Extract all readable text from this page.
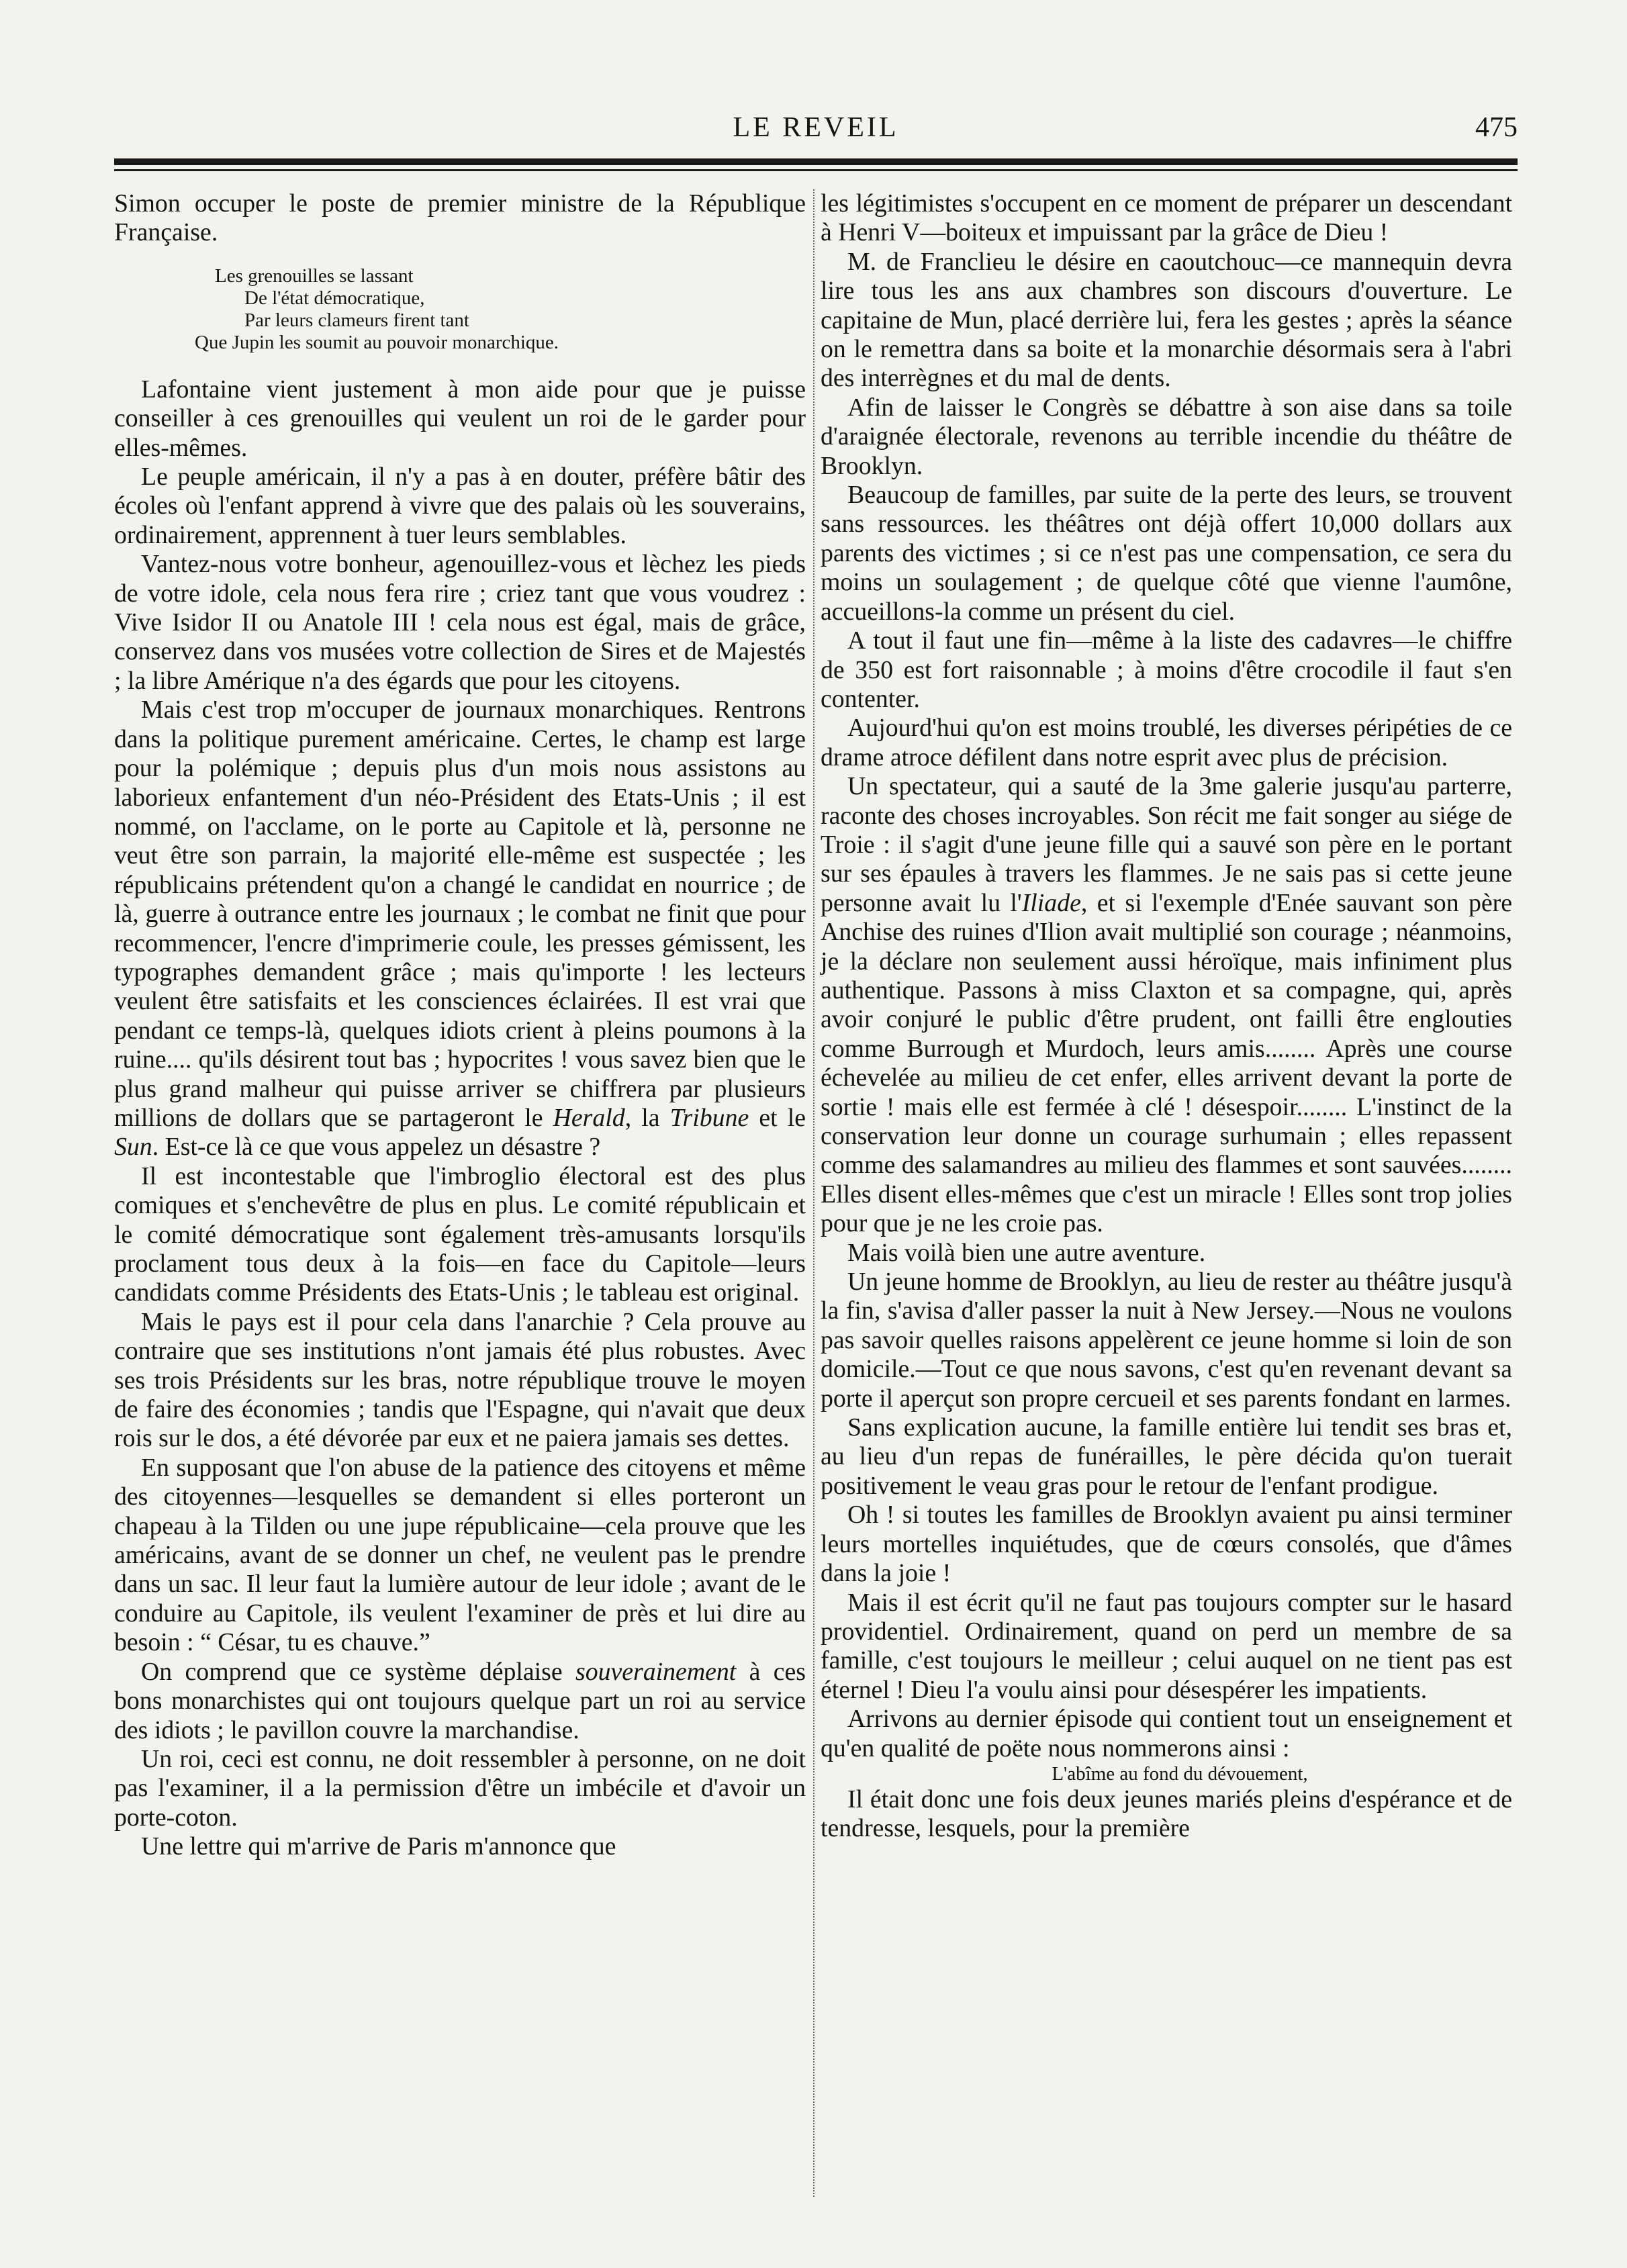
LE REVEIL	475

Simon occuper le poste de premier ministre de la République Française.

Les grenouilles se lassant
De l'état démocratique,
Par leurs clameurs firent tant
Que Jupin les soumit au pouvoir monarchique.

Lafontaine vient justement à mon aide pour que je puisse conseiller à ces grenouilles qui veulent un roi de le garder pour elles-mêmes.

Le peuple américain, il n'y a pas à en douter, préfère bâtir des écoles où l'enfant apprend à vivre que des palais où les souverains, ordinairement, apprennent à tuer leurs semblables.

Vantez-nous votre bonheur, agenouillez-vous et lèchez les pieds de votre idole, cela nous fera rire ; criez tant que vous voudrez : Vive Isidor II ou Anatole III ! cela nous est égal, mais de grâce, conservez dans vos musées votre collection de Sires et de Majestés ; la libre Amérique n'a des égards que pour les citoyens.

Mais c'est trop m'occuper de journaux monarchiques. Rentrons dans la politique purement américaine. Certes, le champ est large pour la polémique ; depuis plus d'un mois nous assistons au laborieux enfantement d'un néo-Président des Etats-Unis ; il est nommé, on l'acclame, on le porte au Capitole et là, personne ne veut être son parrain, la majorité elle-même est suspectée ; les républicains prétendent qu'on a changé le candidat en nourrice ; de là, guerre à outrance entre les journaux ; le combat ne finit que pour recommencer, l'encre d'imprimerie coule, les presses gémissent, les typographes demandent grâce ; mais qu'importe ! les lecteurs veulent être satisfaits et les consciences éclairées. Il est vrai que pendant ce temps-là, quelques idiots crient à pleins poumons à la ruine.... qu'ils désirent tout bas ; hypocrites ! vous savez bien que le plus grand malheur qui puisse arriver se chiffrera par plusieurs millions de dollars que se partageront le Herald, la Tribune et le Sun. Est-ce là ce que vous appelez un désastre ?

Il est incontestable que l'imbroglio électoral est des plus comiques et s'enchevêtre de plus en plus. Le comité républicain et le comité démocratique sont également très-amusants lorsqu'ils proclament tous deux à la fois—en face du Capitole—leurs candidats comme Présidents des Etats-Unis ; le tableau est original.

Mais le pays est il pour cela dans l'anarchie ? Cela prouve au contraire que ses institutions n'ont jamais été plus robustes. Avec ses trois Présidents sur les bras, notre république trouve le moyen de faire des économies ; tandis que l'Espagne, qui n'avait que deux rois sur le dos, a été dévorée par eux et ne paiera jamais ses dettes.

En supposant que l'on abuse de la patience des citoyens et même des citoyennes—lesquelles se demandent si elles porteront un chapeau à la Tilden ou une jupe républicaine—cela prouve que les américains, avant de se donner un chef, ne veulent pas le prendre dans un sac. Il leur faut la lumière autour de leur idole ; avant de le conduire au Capitole, ils veulent l'examiner de près et lui dire au besoin : “ César, tu es chauve.”

On comprend que ce système déplaise souverainement à ces bons monarchistes qui ont toujours quelque part un roi au service des idiots ; le pavillon couvre la marchandise.

Un roi, ceci est connu, ne doit ressembler à personne, on ne doit pas l'examiner, il a la permission d'être un imbécile et d'avoir un porte-coton.

Une lettre qui m'arrive de Paris m'annonce que

les légitimistes s'occupent en ce moment de préparer un descendant à Henri V—boiteux et impuissant par la grâce de Dieu !

M. de Franclieu le désire en caoutchouc—ce mannequin devra lire tous les ans aux chambres son discours d'ouverture. Le capitaine de Mun, placé derrière lui, fera les gestes ; après la séance on le remettra dans sa boite et la monarchie désormais sera à l'abri des interrègnes et du mal de dents.

Afin de laisser le Congrès se débattre à son aise dans sa toile d'araignée électorale, revenons au terrible incendie du théâtre de Brooklyn.

Beaucoup de familles, par suite de la perte des leurs, se trouvent sans ressources. les théâtres ont déjà offert 10,000 dollars aux parents des victimes ; si ce n'est pas une compensation, ce sera du moins un soulagement ; de quelque côté que vienne l'aumône, accueillons-la comme un présent du ciel.

A tout il faut une fin—même à la liste des cadavres—le chiffre de 350 est fort raisonnable ; à moins d'être crocodile il faut s'en contenter.

Aujourd'hui qu'on est moins troublé, les diverses péripéties de ce drame atroce défilent dans notre esprit avec plus de précision.

Un spectateur, qui a sauté de la 3me galerie jusqu'au parterre, raconte des choses incroyables. Son récit me fait songer au siége de Troie : il s'agit d'une jeune fille qui a sauvé son père en le portant sur ses épaules à travers les flammes. Je ne sais pas si cette jeune personne avait lu l'Iliade, et si l'exemple d'Enée sauvant son père Anchise des ruines d'Ilion avait multiplié son courage ; néanmoins, je la déclare non seulement aussi héroïque, mais infiniment plus authentique. Passons à miss Claxton et sa compagne, qui, après avoir conjuré le public d'être prudent, ont failli être englouties comme Burrough et Murdoch, leurs amis........ Après une course échevelée au milieu de cet enfer, elles arrivent devant la porte de sortie ! mais elle est fermée à clé ! désespoir........ L'instinct de la conservation leur donne un courage surhumain ; elles repassent comme des salamandres au milieu des flammes et sont sauvées........ Elles disent elles-mêmes que c'est un miracle ! Elles sont trop jolies pour que je ne les croie pas.

Mais voilà bien une autre aventure.

Un jeune homme de Brooklyn, au lieu de rester au théâtre jusqu'à la fin, s'avisa d'aller passer la nuit à New Jersey.—Nous ne voulons pas savoir quelles raisons appelèrent ce jeune homme si loin de son domicile.—Tout ce que nous savons, c'est qu'en revenant devant sa porte il aperçut son propre cercueil et ses parents fondant en larmes.

Sans explication aucune, la famille entière lui tendit ses bras et, au lieu d'un repas de funérailles, le père décida qu'on tuerait positivement le veau gras pour le retour de l'enfant prodigue.

Oh ! si toutes les familles de Brooklyn avaient pu ainsi terminer leurs mortelles inquiétudes, que de cœurs consolés, que d'âmes dans la joie !

Mais il est écrit qu'il ne faut pas toujours compter sur le hasard providentiel. Ordinairement, quand on perd un membre de sa famille, c'est toujours le meilleur ; celui auquel on ne tient pas est éternel ! Dieu l'a voulu ainsi pour désespérer les impatients.

Arrivons au dernier épisode qui contient tout un enseignement et qu'en qualité de poëte nous nommerons ainsi :

L'abîme au fond du dévouement,

Il était donc une fois deux jeunes mariés pleins d'espérance et de tendresse, lesquels, pour la première
